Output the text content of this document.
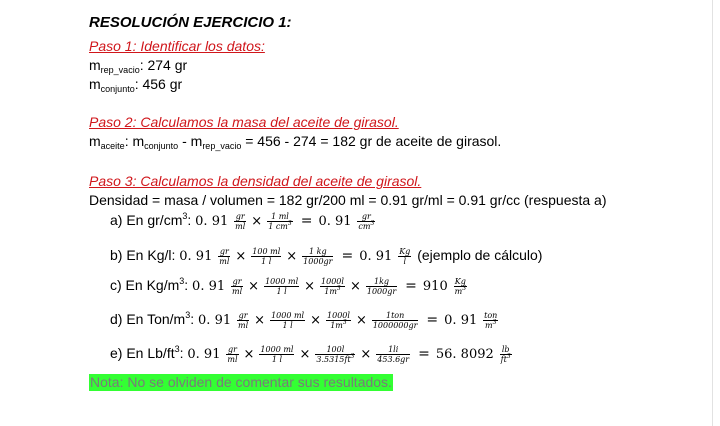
RESOLUCIÓN EJERCICIO 1:
Paso 1: Identificar los datos:
$m_{rep\_vacio}$: 274 gr
$m_{conjunto}$: 456 gr
Paso 2: Calculamos la masa del aceite de girasol.
$m_{aceite}$: $m_{conjunto} - m_{rep\_vacio} = 456 - 274 = 182$ gr de aceite de girasol.
Paso 3: Calculamos la densidad del aceite de girasol.
Densidad = masa / volumen = 182 gr/200 ml = 0.91 gr/ml = 0.91 gr/cc (respuesta a)
a) En $gr/cm^3$: 0. $91 \frac{gr}{ml} \times \frac{1 ml}{1 cm^3} = 0$. $91 \frac{gr}{cm^3}$
b) En Kg/l: 0. $91 \frac{gr}{ml} \times \frac{100 ml}{1 l} \times \frac{1 kg}{1000gr} = 0$. $91 \frac{Kg}{l}$ (ejemplo de cálculo)
c) En $Kg/m^3$: 0. $91 \frac{gr}{ml} \times \frac{1000 ml}{1 l} \times \frac{1000l}{1m^3} \times \frac{1kg}{1000gr} = 910 \frac{Kg}{m^3}$
d) En Ton/$m^3$: 0. $91 \frac{gr}{ml} \times \frac{1000 ml}{1 l} \times \frac{1000l}{1m^3} \times \frac{\text{1ton}}{1000000gr} = 0$. $91 \frac{\text{ton}}{m^3}$
e) En $Lb/ft^3$: 0. $91 \frac{gr}{ml} \times \frac{1000 ml}{1 l} \times \frac{100l}{3.5315ft^3} \times \frac{1li}{453.6gr} = 56$. $8092 \frac{lb}{ft^3}$
Nota: No se olviden de comentar sus resultados.
